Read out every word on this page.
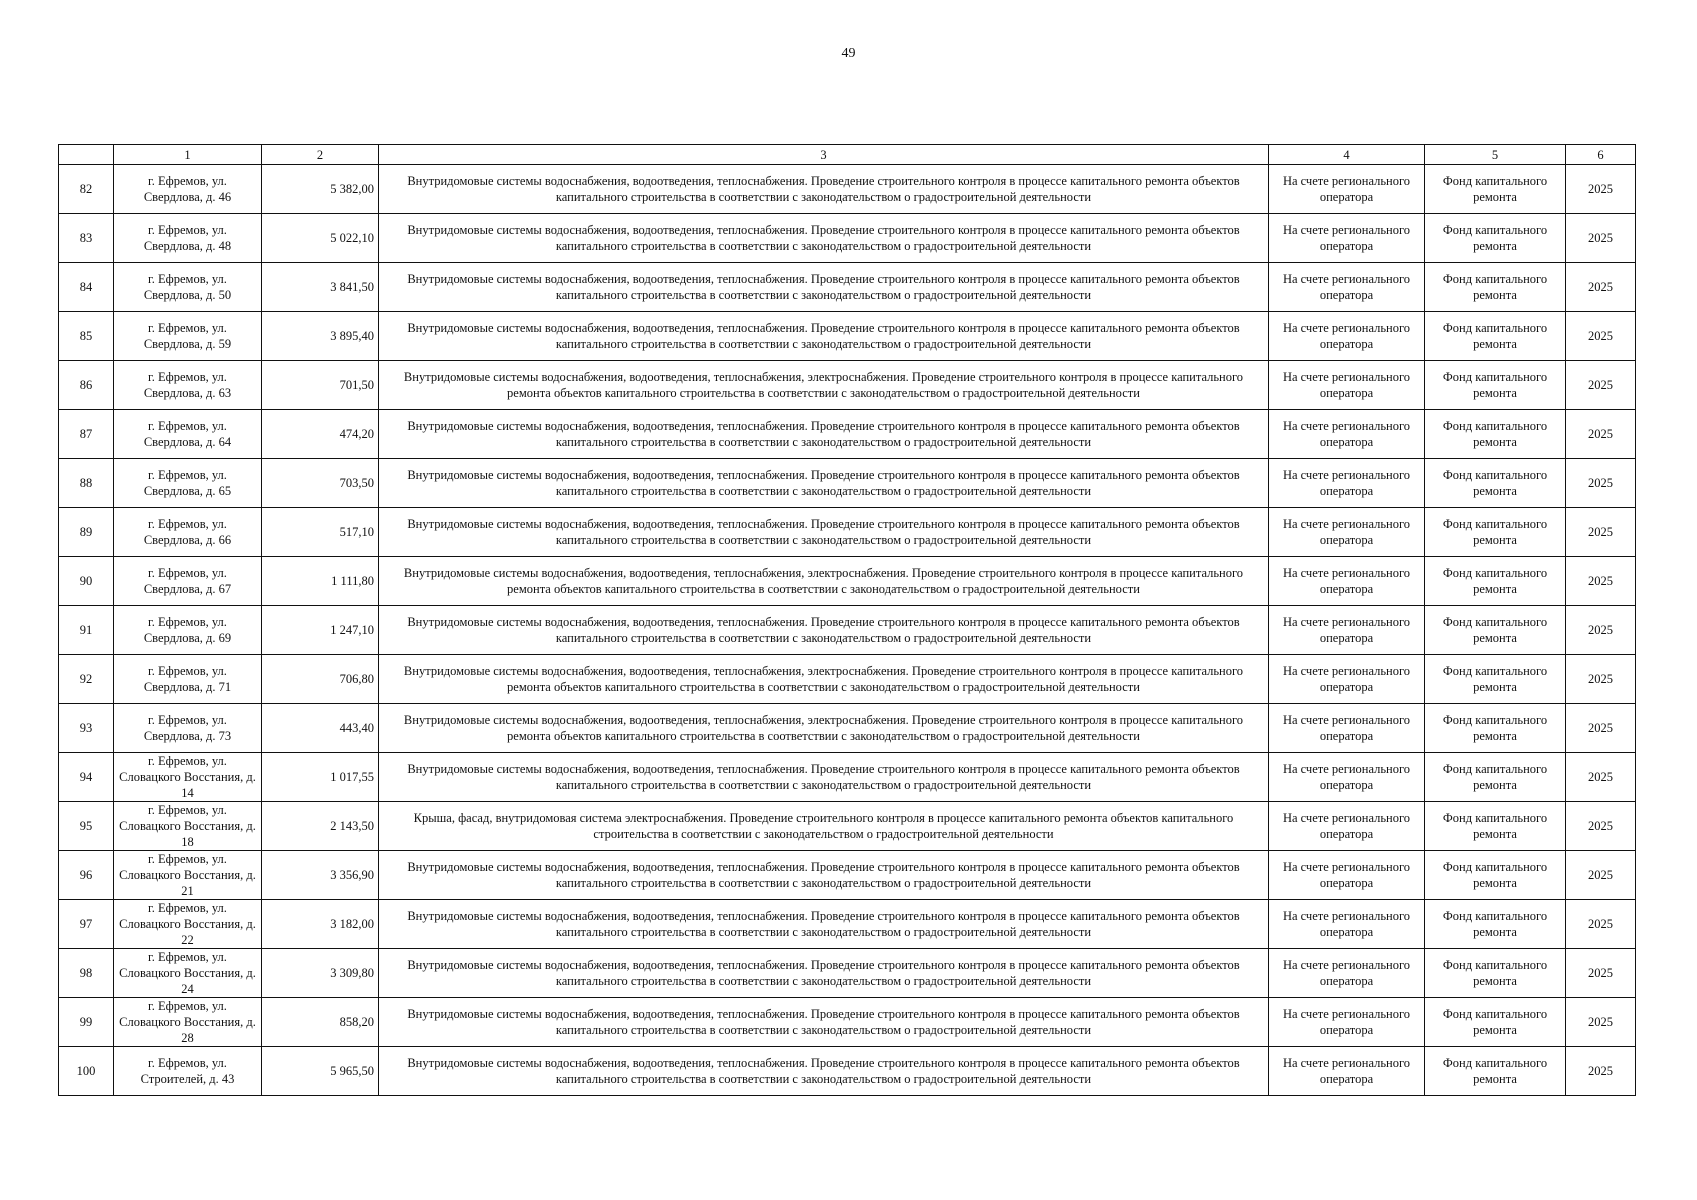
49
	1	2	3	4	5	6
82	г. Ефремов, ул. Свердлова, д. 46	5 382,00	Внутридомовые системы водоснабжения, водоотведения, теплоснабжения. Проведение строительного контроля в процессе капитального ремонта объектов капитального строительства в соответствии с законодательством о градостроительной деятельности	На счете регионального оператора	Фонд капитального ремонта	2025
83	г. Ефремов, ул. Свердлова, д. 48	5 022,10	Внутридомовые системы водоснабжения, водоотведения, теплоснабжения. Проведение строительного контроля в процессе капитального ремонта объектов капитального строительства в соответствии с законодательством о градостроительной деятельности	На счете регионального оператора	Фонд капитального ремонта	2025
84	г. Ефремов, ул. Свердлова, д. 50	3 841,50	Внутридомовые системы водоснабжения, водоотведения, теплоснабжения. Проведение строительного контроля в процессе капитального ремонта объектов капитального строительства в соответствии с законодательством о градостроительной деятельности	На счете регионального оператора	Фонд капитального ремонта	2025
85	г. Ефремов, ул. Свердлова, д. 59	3 895,40	Внутридомовые системы водоснабжения, водоотведения, теплоснабжения. Проведение строительного контроля в процессе капитального ремонта объектов капитального строительства в соответствии с законодательством о градостроительной деятельности	На счете регионального оператора	Фонд капитального ремонта	2025
86	г. Ефремов, ул. Свердлова, д. 63	701,50	Внутридомовые системы водоснабжения, водоотведения, теплоснабжения, электроснабжения. Проведение строительного контроля в процессе капитального ремонта объектов капитального строительства в соответствии с законодательством о градостроительной деятельности	На счете регионального оператора	Фонд капитального ремонта	2025
87	г. Ефремов, ул. Свердлова, д. 64	474,20	Внутридомовые системы водоснабжения, водоотведения, теплоснабжения. Проведение строительного контроля в процессе капитального ремонта объектов капитального строительства в соответствии с законодательством о градостроительной деятельности	На счете регионального оператора	Фонд капитального ремонта	2025
88	г. Ефремов, ул. Свердлова, д. 65	703,50	Внутридомовые системы водоснабжения, водоотведения, теплоснабжения. Проведение строительного контроля в процессе капитального ремонта объектов капитального строительства в соответствии с законодательством о градостроительной деятельности	На счете регионального оператора	Фонд капитального ремонта	2025
89	г. Ефремов, ул. Свердлова, д. 66	517,10	Внутридомовые системы водоснабжения, водоотведения, теплоснабжения. Проведение строительного контроля в процессе капитального ремонта объектов капитального строительства в соответствии с законодательством о градостроительной деятельности	На счете регионального оператора	Фонд капитального ремонта	2025
90	г. Ефремов, ул. Свердлова, д. 67	1 111,80	Внутридомовые системы водоснабжения, водоотведения, теплоснабжения, электроснабжения. Проведение строительного контроля в процессе капитального ремонта объектов капитального строительства в соответствии с законодательством о градостроительной деятельности	На счете регионального оператора	Фонд капитального ремонта	2025
91	г. Ефремов, ул. Свердлова, д. 69	1 247,10	Внутридомовые системы водоснабжения, водоотведения, теплоснабжения. Проведение строительного контроля в процессе капитального ремонта объектов капитального строительства в соответствии с законодательством о градостроительной деятельности	На счете регионального оператора	Фонд капитального ремонта	2025
92	г. Ефремов, ул. Свердлова, д. 71	706,80	Внутридомовые системы водоснабжения, водоотведения, теплоснабжения, электроснабжения. Проведение строительного контроля в процессе капитального ремонта объектов капитального строительства в соответствии с законодательством о градостроительной деятельности	На счете регионального оператора	Фонд капитального ремонта	2025
93	г. Ефремов, ул. Свердлова, д. 73	443,40	Внутридомовые системы водоснабжения, водоотведения, теплоснабжения, электроснабжения. Проведение строительного контроля в процессе капитального ремонта объектов капитального строительства в соответствии с законодательством о градостроительной деятельности	На счете регионального оператора	Фонд капитального ремонта	2025
94	г. Ефремов, ул. Словацкого Восстания, д. 14	1 017,55	Внутридомовые системы водоснабжения, водоотведения, теплоснабжения. Проведение строительного контроля в процессе капитального ремонта объектов капитального строительства в соответствии с законодательством о градостроительной деятельности	На счете регионального оператора	Фонд капитального ремонта	2025
95	г. Ефремов, ул. Словацкого Восстания, д. 18	2 143,50	Крыша, фасад, внутридомовая система электроснабжения. Проведение строительного контроля в процессе капитального ремонта объектов капитального строительства в соответствии с законодательством о градостроительной деятельности	На счете регионального оператора	Фонд капитального ремонта	2025
96	г. Ефремов, ул. Словацкого Восстания, д. 21	3 356,90	Внутридомовые системы водоснабжения, водоотведения, теплоснабжения. Проведение строительного контроля в процессе капитального ремонта объектов капитального строительства в соответствии с законодательством о градостроительной деятельности	На счете регионального оператора	Фонд капитального ремонта	2025
97	г. Ефремов, ул. Словацкого Восстания, д. 22	3 182,00	Внутридомовые системы водоснабжения, водоотведения, теплоснабжения. Проведение строительного контроля в процессе капитального ремонта объектов капитального строительства в соответствии с законодательством о градостроительной деятельности	На счете регионального оператора	Фонд капитального ремонта	2025
98	г. Ефремов, ул. Словацкого Восстания, д. 24	3 309,80	Внутридомовые системы водоснабжения, водоотведения, теплоснабжения. Проведение строительного контроля в процессе капитального ремонта объектов капитального строительства в соответствии с законодательством о градостроительной деятельности	На счете регионального оператора	Фонд капитального ремонта	2025
99	г. Ефремов, ул. Словацкого Восстания, д. 28	858,20	Внутридомовые системы водоснабжения, водоотведения, теплоснабжения. Проведение строительного контроля в процессе капитального ремонта объектов капитального строительства в соответствии с законодательством о градостроительной деятельности	На счете регионального оператора	Фонд капитального ремонта	2025
100	г. Ефремов, ул. Строителей, д. 43	5 965,50	Внутридомовые системы водоснабжения, водоотведения, теплоснабжения. Проведение строительного контроля в процессе капитального ремонта объектов капитального строительства в соответствии с законодательством о градостроительной деятельности	На счете регионального оператора	Фонд капитального ремонта	2025
